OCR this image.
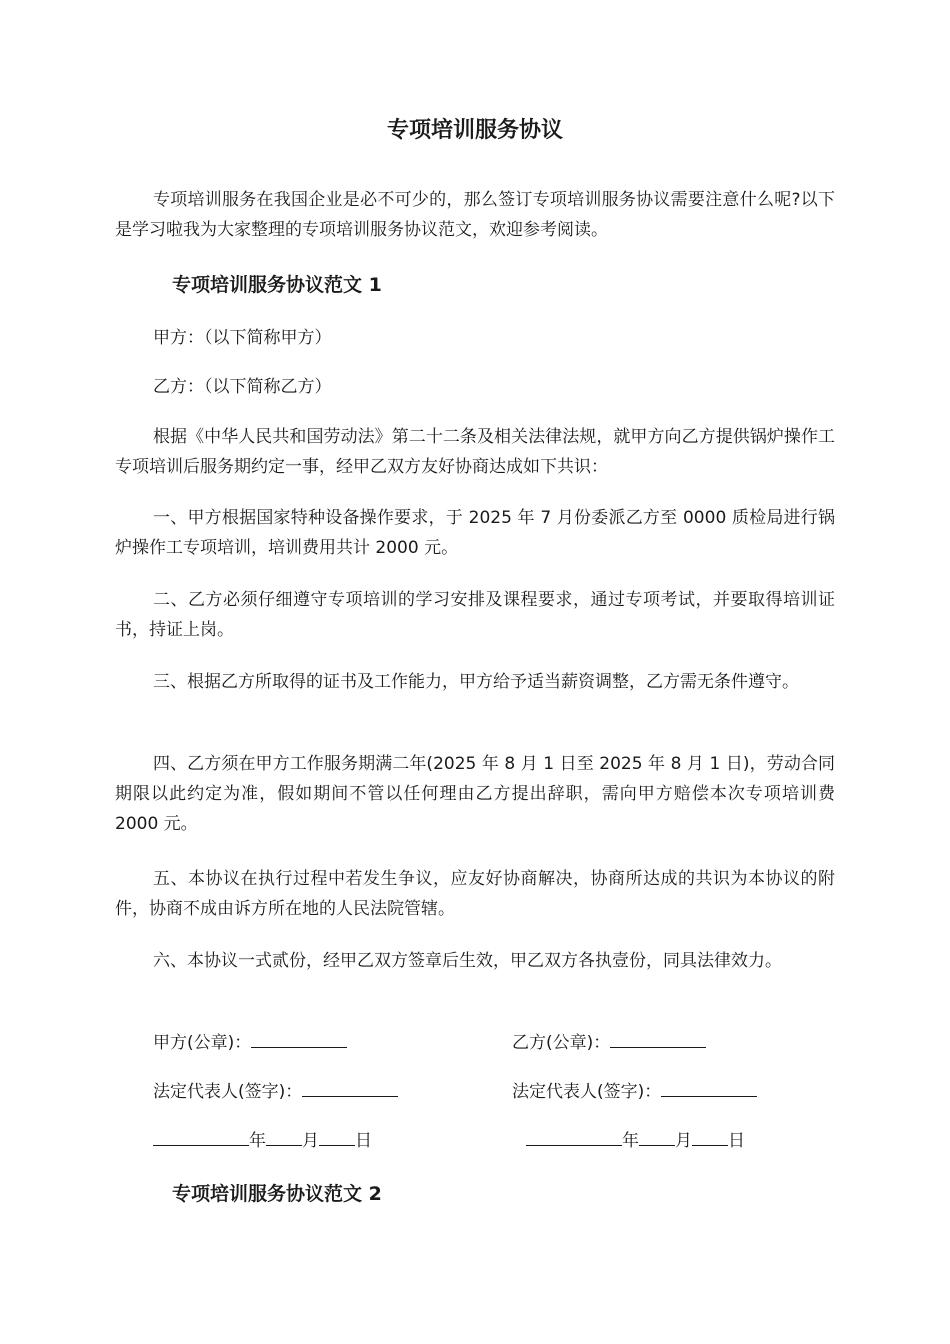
专项培训服务协议
专项培训服务在我国企业是必不可少的，那么签订专项培训服务协议需要注意什么呢?以下是学习啦我为大家整理的专项培训服务协议范文，欢迎参考阅读。
专项培训服务协议范文 1
甲方：（以下简称甲方）
乙方：（以下简称乙方）
根据《中华人民共和国劳动法》第二十二条及相关法律法规，就甲方向乙方提供锅炉操作工专项培训后服务期约定一事，经甲乙双方友好协商达成如下共识：
一、甲方根据国家特种设备操作要求，于 2025 年 7 月份委派乙方至 0000 质检局进行锅炉操作工专项培训，培训费用共计 2000 元。
二、乙方必须仔细遵守专项培训的学习安排及课程要求，通过专项考试，并要取得培训证书，持证上岗。
三、根据乙方所取得的证书及工作能力，甲方给予适当薪资调整，乙方需无条件遵守。
四、乙方须在甲方工作服务期满二年(2025 年 8 月 1 日至 2025 年 8 月 1 日)，劳动合同期限以此约定为准，假如期间不管以任何理由乙方提出辞职，需向甲方赔偿本次专项培训费 2000 元。
五、本协议在执行过程中若发生争议，应友好协商解决，协商所达成的共识为本协议的附件，协商不成由诉方所在地的人民法院管辖。
六、本协议一式贰份，经甲乙双方签章后生效，甲乙双方各执壹份，同具法律效力。
甲方(公章)：	乙方(公章)：
法定代表人(签字)：	法定代表人(签字)：
年 月 日	年 月 日
专项培训服务协议范文 2
